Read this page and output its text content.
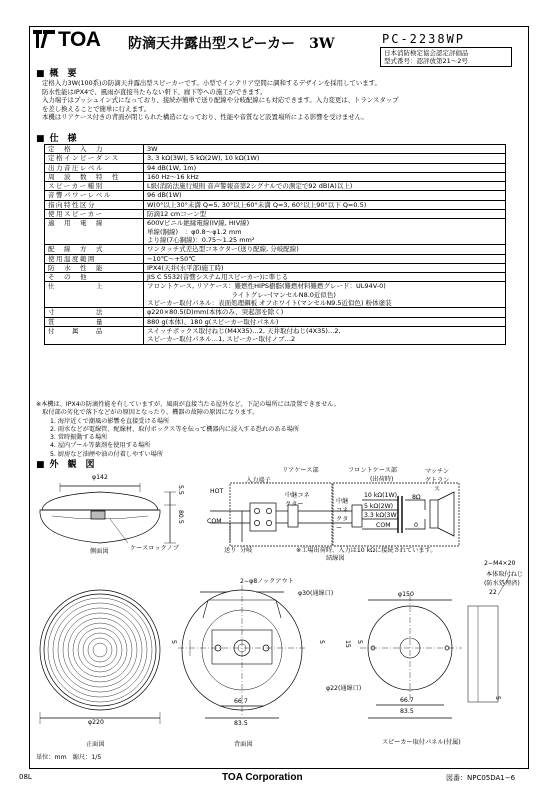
TOA 防滴天井露出型スピーカー　3W	PC-2238WP
日本消防検定協会認定評価品
型式番号：認評放第21～2号
■ 概　要
定格入力3W(100系)の防滴天井露出型スピーカーです。小型でインテリア空間に調和するデザインを採用しています。
防水性能はIPX4で、風雨が直接当たらない軒下、廊下等への施工ができます。
入力端子はプッシュイン式になっており、接続が簡単で送り配線や分岐配線にも対応できます。入力変更は、トランスタップ
を差し換えることで簡単に行えます。
本機はリアケース付きの背面が閉じられた構造になっており、性能や音質など設置場所による影響を受けません。
■ 仕　様
定　格　入　力	3W

定格インピーダンス	3, 3 kΩ(3W), 5 kΩ(2W), 10 kΩ(1W)

出力音圧レベル	94 dB(1W, 1m)

周　波　数　特　性	160 Hz～16 kHz

スピーカー種別	L級(消防法施行規則 音声警報音第2シグナルでの測定で92 dB(A)以上)

音響パワーレベル	96 dB(1W)

指向特性区分	W(0°以上30°未満 Q=5, 30°以上60°未満 Q=3, 60°以上90°以下 Q=0.5)

使用スピーカー	防滴12 cmコーン型

適　用　電　線	600Vビニル絶縁電線(IV線, HIV線)
単線(銅線)　：φ0.8～φ1.2 mm
より線(7心銅線)：0.75～1.25 mm²

配　線　方　式	ワンタッチ式差込型コネクター(送り配線, 分岐配線)

使用温度範囲	−10℃～+50℃

防　水　性　能	IPX4(天井(水平部)施工時)

そ　の　他	JIS C 5532(音響システム用スピーカー)に準じる

仕　　　　　上	フロントケース, リアケース：難燃性HIPS樹脂(難燃材料難燃グレード：UL94V-0)
　　　　　　　　　　　　　ライトグレー(マンセルN8.0近似色)
スピーカー取付パネル：表面処理鋼板 オフホワイト(マンセルN9.5近似色) 粉体塗装

寸　　　　　法	φ220×80.5(D)mm(本体のみ、突起部を除く)

質　　　　　量	880 g(本体)、180 g(スピーカー取付パネル)

付　　属　　品	スイッチボックス取付ねじ(M4X35)…2, 天井取付ねじ(4X35)…2,
スピーカー取付パネル…1, スピーカー取付ノブ…2
※本機は、IPX4の防滴性能を有していますが、風雨が直接当たる屋外など、下記の場所には設置できません。
　取付部の劣化で落下などがの原因となったり、機器の故障の原因になります。
1. 海岸近くで潮風の影響を直接受ける場所
2. 雨水などが電線管、配線材、取付ボックス等を伝って機器内に浸入する恐れのある場所
3. 常時振動する場所
4. 屋内プール等薬剤を使用する場所
5. 厨房など油煙や油の付着しやすい場所
■ 外　観　図
φ142
5.5
80.5
側面図	ケースロックノブ
リアケース部
入力端子
中継コネクター
HOT
COM
送り 分岐
フロントケース部
(出荷時)
マッチングトランス
中継コネクター
10 kΩ(1W)
5 kΩ(2W)
3.3 kΩ(3W)
COM
8Ω
0
結線図
※工場出荷時、入力は10 kΩに接続されています。
2−φ8ノックアウト
φ30(通線口)	φ150
φ22(通線口)
φ220
66.7
83.5
66.7
83.5
5	5	15 5
22
5
2−M4×20
本体取付ねじ
(防水処理済)
正面図	背面図	スピーカー取付パネル(付属)
単位：mm　縮尺：1/5
08L	TOA Corporation	図番：NPC05DA1−6
